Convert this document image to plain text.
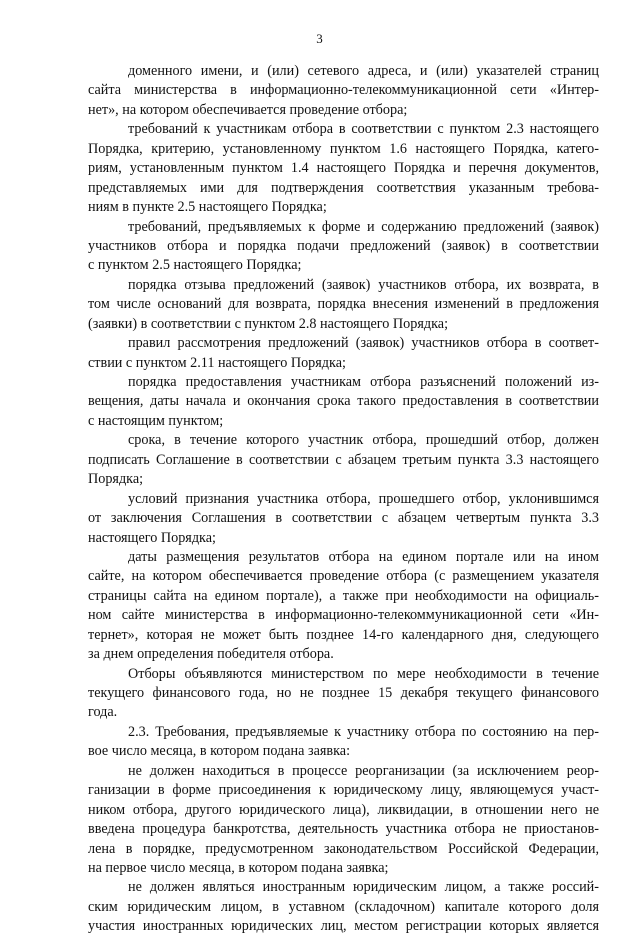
3
доменного имени, и (или) сетевого адреса, и (или) указателей страниц
сайта министерства в информационно-телекоммуникационной сети «Интер-
нет», на котором обеспечивается проведение отбора;
требований к участникам отбора в соответствии с пунктом 2.3 настоящего
Порядка, критерию, установленному пунктом 1.6 настоящего Порядка, катего-
риям, установленным пунктом 1.4 настоящего Порядка и перечня документов,
представляемых ими для подтверждения соответствия указанным требова-
ниям в пункте 2.5 настоящего Порядка;
требований, предъявляемых к форме и содержанию предложений (заявок)
участников отбора и порядка подачи предложений (заявок) в соответствии
с пунктом 2.5 настоящего Порядка;
порядка отзыва предложений (заявок) участников отбора, их возврата, в
том числе оснований для возврата, порядка внесения изменений в предложения
(заявки) в соответствии с пунктом 2.8 настоящего Порядка;
правил рассмотрения предложений (заявок) участников отбора в соответ-
ствии с пунктом 2.11 настоящего Порядка;
порядка предоставления участникам отбора разъяснений положений из-
вещения, даты начала и окончания срока такого предоставления в соответствии
с настоящим пунктом;
срока, в течение которого участник отбора, прошедший отбор, должен
подписать Соглашение в соответствии с абзацем третьим пункта 3.3 настоящего
Порядка;
условий признания участника отбора, прошедшего отбор, уклонившимся
от заключения Соглашения в соответствии с абзацем четвертым пункта 3.3
настоящего Порядка;
даты размещения результатов отбора на едином портале или на ином
сайте, на котором обеспечивается проведение отбора (с размещением указателя
страницы сайта на едином портале), а также при необходимости на официаль-
ном сайте министерства в информационно-телекоммуникационной сети «Ин-
тернет», которая не может быть позднее 14-го календарного дня, следующего
за днем определения победителя отбора.
Отборы объявляются министерством по мере необходимости в течение
текущего финансового года, но не позднее 15 декабря текущего финансового
года.
2.3. Требования, предъявляемые к участнику отбора по состоянию на пер-
вое число месяца, в котором подана заявка:
не должен находиться в процессе реорганизации (за исключением реор-
ганизации в форме присоединения к юридическому лицу, являющемуся участ-
ником отбора, другого юридического лица), ликвидации, в отношении него не
введена процедура банкротства, деятельность участника отбора не приостанов-
лена в порядке, предусмотренном законодательством Российской Федерации,
на первое число месяца, в котором подана заявка;
не должен являться иностранным юридическим лицом, а также россий-
ским юридическим лицом, в уставном (складочном) капитале которого доля
участия иностранных юридических лиц, местом регистрации которых является
